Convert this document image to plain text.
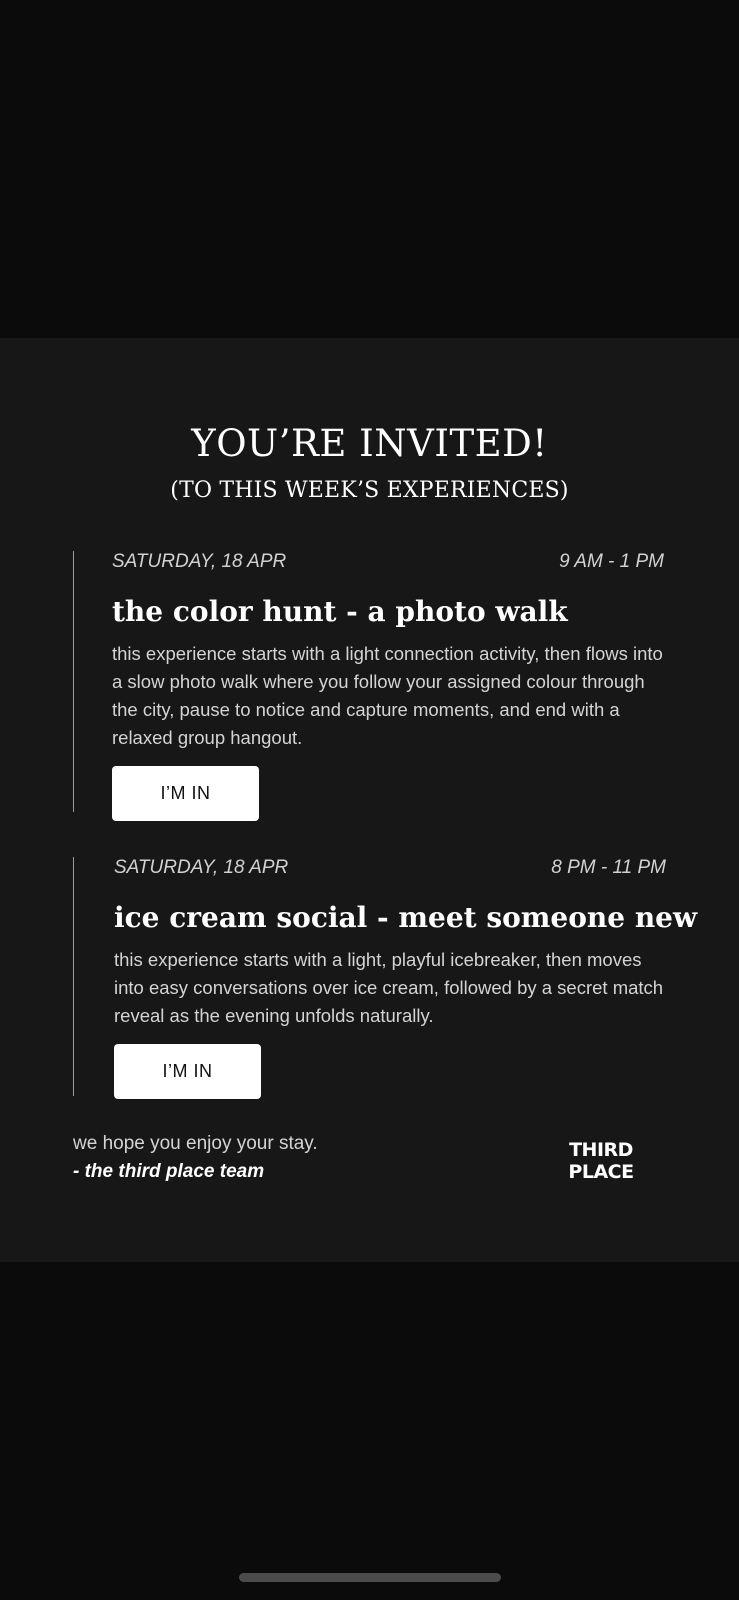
YOU’RE INVITED!
(TO THIS WEEK’S EXPERIENCES)
SATURDAY, 18 APR	9 AM - 1 PM
the color hunt - a photo walk
this experience starts with a light connection activity, then flows into a slow photo walk where you follow your assigned colour through the city, pause to notice and capture moments, and end with a relaxed group hangout.
I’M IN
SATURDAY, 18 APR	8 PM - 11 PM
ice cream social - meet someone new
this experience starts with a light, playful icebreaker, then moves into easy conversations over ice cream, followed by a secret match reveal as the evening unfolds naturally.
I’M IN
we hope you enjoy your stay.
- the third place team
THIRD
PLACE
